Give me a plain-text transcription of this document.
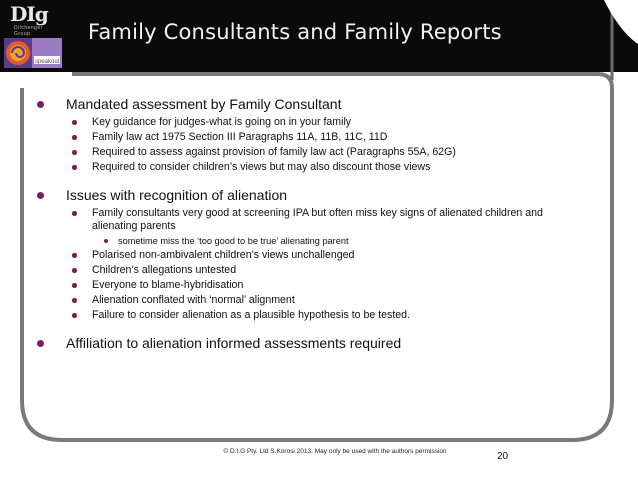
DIg
Dilchenger Group
speakout
Family Consultants and Family Reports

Mandated assessment by Family Consultant

Key guidance for judges-what is going on in your family

Family law act 1975 Section III Paragraphs 11A, 11B, 11C, 11D

Required to assess against provision of family law act (Paragraphs 55A, 62G)

Required to consider children’s views but may also discount those views

Issues with recognition of alienation

Family consultants very good at screening IPA but often miss key signs of alienated children and alienating parents

sometime miss the ‘too good to be true’ alienating parent

Polarised non-ambivalent children’s views unchallenged

Children’s allegations untested

Everyone to blame-hybridisation

Alienation conflated with ‘normal’ alignment

Failure to consider alienation as a plausible hypothesis to be tested.

Affiliation to alienation informed assessments required

© D.I.G Pty. Ltd S.Korosi 2013. May only be used with the authors permission	20
